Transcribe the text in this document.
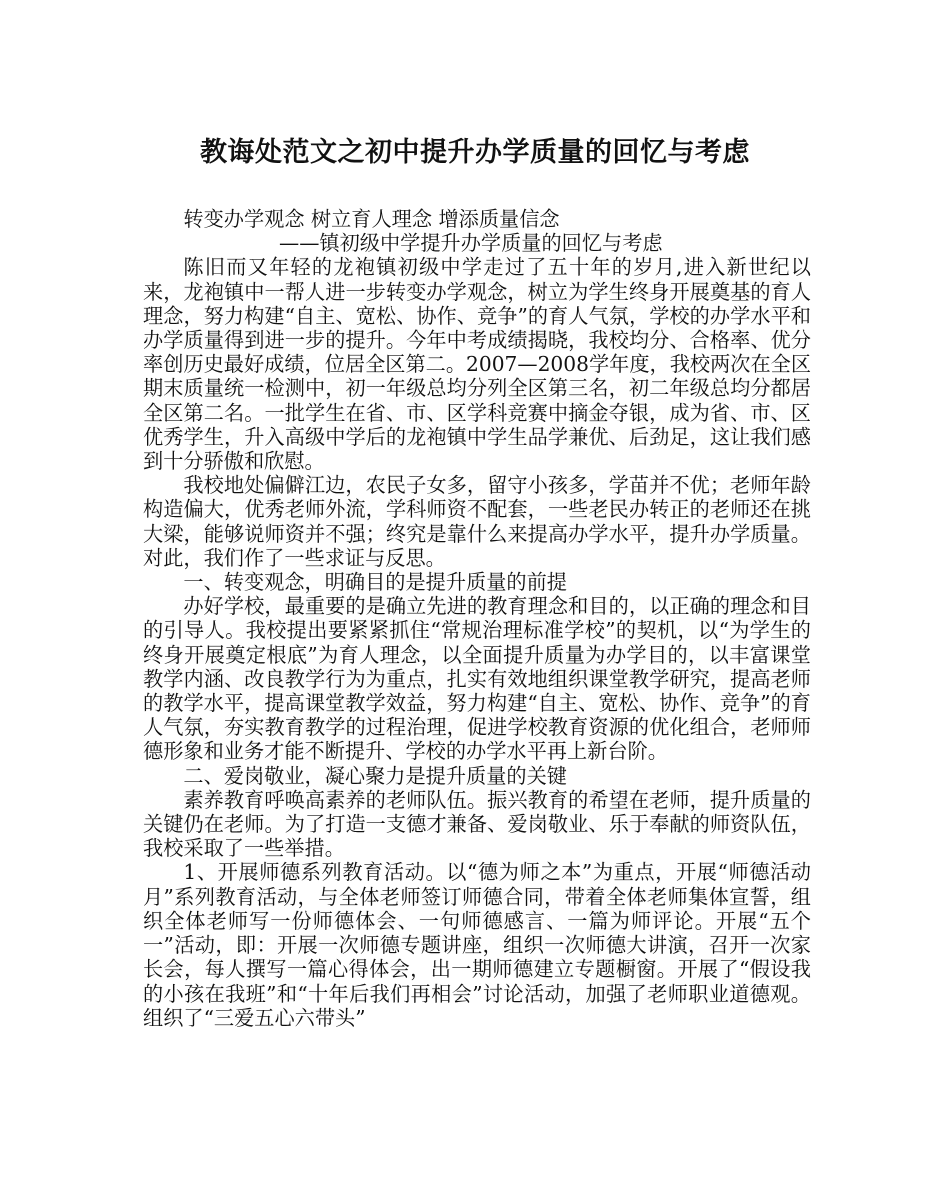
教诲处范文之初中提升办学质量的回忆与考虑

转变办学观念 树立育人理念 增添质量信念

——镇初级中学提升办学质量的回忆与考虑

陈旧而又年轻的龙袍镇初级中学走过了五十年的岁月,进入新世纪以来，龙袍镇中一帮人进一步转变办学观念，树立为学生终身开展奠基的育人理念，努力构建“自主、宽松、协作、竞争”的育人气氛，学校的办学水平和办学质量得到进一步的提升。今年中考成绩揭晓，我校均分、合格率、优分率创历史最好成绩，位居全区第二。2007—2008学年度，我校两次在全区期末质量统一检测中，初一年级总均分列全区第三名，初二年级总均分都居全区第二名。一批学生在省、市、区学科竞赛中摘金夺银，成为省、市、区优秀学生，升入高级中学后的龙袍镇中学生品学兼优、后劲足，这让我们感到十分骄傲和欣慰。

我校地处偏僻江边，农民子女多，留守小孩多，学苗并不优；老师年龄构造偏大，优秀老师外流，学科师资不配套，一些老民办转正的老师还在挑大梁，能够说师资并不强；终究是靠什么来提高办学水平，提升办学质量。对此，我们作了一些求证与反思。

一、转变观念，明确目的是提升质量的前提

办好学校，最重要的是确立先进的教育理念和目的，以正确的理念和目的引导人。我校提出要紧紧抓住“常规治理标准学校”的契机，以“为学生的终身开展奠定根底”为育人理念，以全面提升质量为办学目的，以丰富课堂教学内涵、改良教学行为为重点，扎实有效地组织课堂教学研究，提高老师的教学水平，提高课堂教学效益，努力构建“自主、宽松、协作、竞争”的育人气氛，夯实教育教学的过程治理，促进学校教育资源的优化组合，老师师德形象和业务才能不断提升、学校的办学水平再上新台阶。

二、爱岗敬业，凝心聚力是提升质量的关键

素养教育呼唤高素养的老师队伍。振兴教育的希望在老师，提升质量的关键仍在老师。为了打造一支德才兼备、爱岗敬业、乐于奉献的师资队伍，我校采取了一些举措。

1、开展师德系列教育活动。以“德为师之本”为重点，开展“师德活动月”系列教育活动，与全体老师签订师德合同，带着全体老师集体宣誓，组织全体老师写一份师德体会、一句师德感言、一篇为师评论。开展“五个一”活动，即：开展一次师德专题讲座，组织一次师德大讲演，召开一次家长会，每人撰写一篇心得体会，出一期师德建立专题橱窗。开展了“假设我的小孩在我班”和“十年后我们再相会”讨论活动，加强了老师职业道德观。组织了“三爱五心六带头”
